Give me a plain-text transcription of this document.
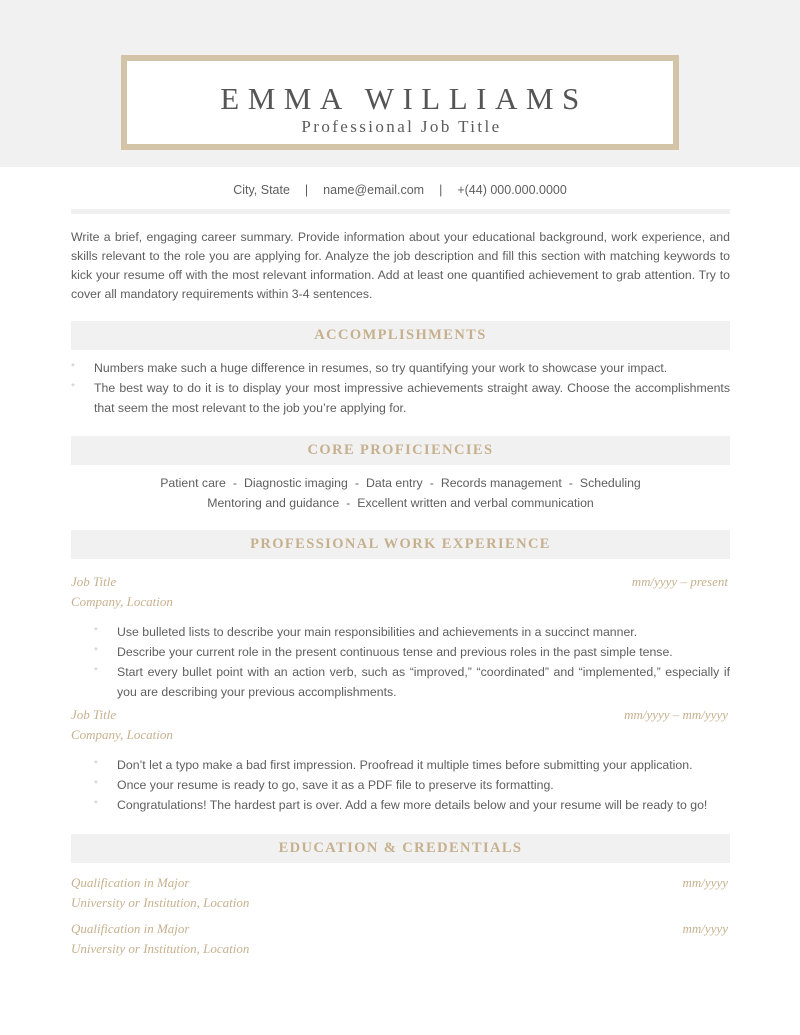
EMMA WILLIAMS
Professional Job Title
City, State | name@email.com | +(44) 000.000.0000
Write a brief, engaging career summary. Provide information about your educational background, work experience, and skills relevant to the role you are applying for. Analyze the job description and fill this section with matching keywords to kick your resume off with the most relevant information. Add at least one quantified achievement to grab attention. Try to cover all mandatory requirements within 3-4 sentences.
ACCOMPLISHMENTS
* Numbers make such a huge difference in resumes, so try quantifying your work to showcase your impact.
* The best way to do it is to display your most impressive achievements straight away. Choose the accomplishments that seem the most relevant to the job you’re applying for.
CORE PROFICIENCIES
Patient care - Diagnostic imaging - Data entry - Records management - Scheduling
Mentoring and guidance - Excellent written and verbal communication
PROFESSIONAL WORK EXPERIENCE
Job Title	mm/yyyy – present
Company, Location
* Use bulleted lists to describe your main responsibilities and achievements in a succinct manner.
* Describe your current role in the present continuous tense and previous roles in the past simple tense.
* Start every bullet point with an action verb, such as “improved,” “coordinated” and “implemented,” especially if you are describing your previous accomplishments.
Job Title	mm/yyyy – mm/yyyy
Company, Location
* Don’t let a typo make a bad first impression. Proofread it multiple times before submitting your application.
* Once your resume is ready to go, save it as a PDF file to preserve its formatting.
* Congratulations! The hardest part is over. Add a few more details below and your resume will be ready to go!
EDUCATION & CREDENTIALS
Qualification in Major	mm/yyyy
University or Institution, Location
Qualification in Major	mm/yyyy
University or Institution, Location
